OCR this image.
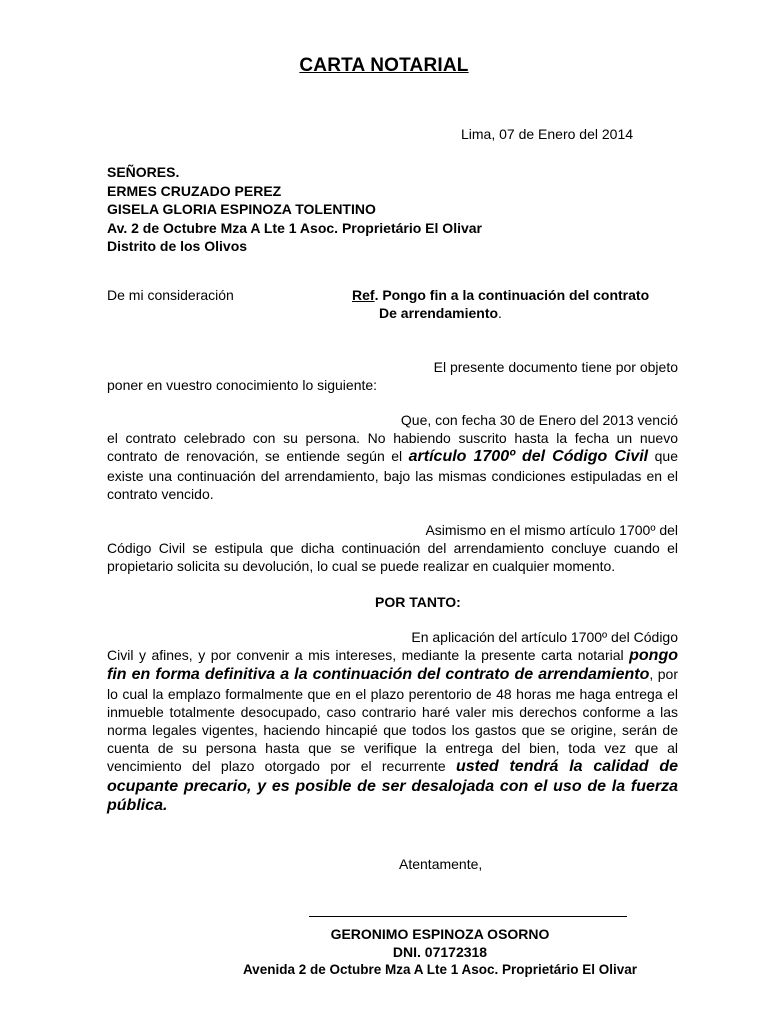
CARTA NOTARIAL
Lima, 07 de Enero del 2014
SEÑORES.
ERMES CRUZADO PEREZ
GISELA GLORIA ESPINOZA TOLENTINO
Av. 2 de Octubre Mza A Lte 1 Asoc. Proprietário El Olivar
Distrito de los Olivos
De mi consideración	Ref. Pongo fin a la continuación del contrato
De arrendamiento.
El presente documento tiene por objeto
poner en vuestro conocimiento lo siguiente:
Que, con fecha 30 de Enero del 2013 venció
el contrato celebrado con su persona. No habiendo suscrito hasta la fecha un nuevo contrato de renovación, se entiende según el artículo 1700º del Código Civil que existe una continuación del arrendamiento, bajo las mismas condiciones estipuladas en el contrato vencido.
Asimismo en el mismo artículo 1700º del
Código Civil se estipula que dicha continuación del arrendamiento concluye cuando el propietario solicita su devolución, lo cual se puede realizar en cualquier momento.
POR TANTO:
En aplicación del artículo 1700º del Código
Civil y afines, y por convenir a mis intereses, mediante la presente carta notarial pongo fin en forma definitiva a la continuación del contrato de arrendamiento, por lo cual la emplazo formalmente que en el plazo perentorio de 48 horas me haga entrega el inmueble totalmente desocupado, caso contrario haré valer mis derechos conforme a las norma legales vigentes, haciendo hincapié que todos los gastos que se origine, serán de cuenta de su persona hasta que se verifique la entrega del bien, toda vez que al vencimiento del plazo otorgado por el recurrente usted tendrá la calidad de ocupante precario, y es posible de ser desalojada con el uso de la fuerza pública.
Atentamente,
GERONIMO ESPINOZA OSORNO
DNI. 07172318
Avenida 2 de Octubre Mza A Lte 1 Asoc. Proprietário El Olivar
